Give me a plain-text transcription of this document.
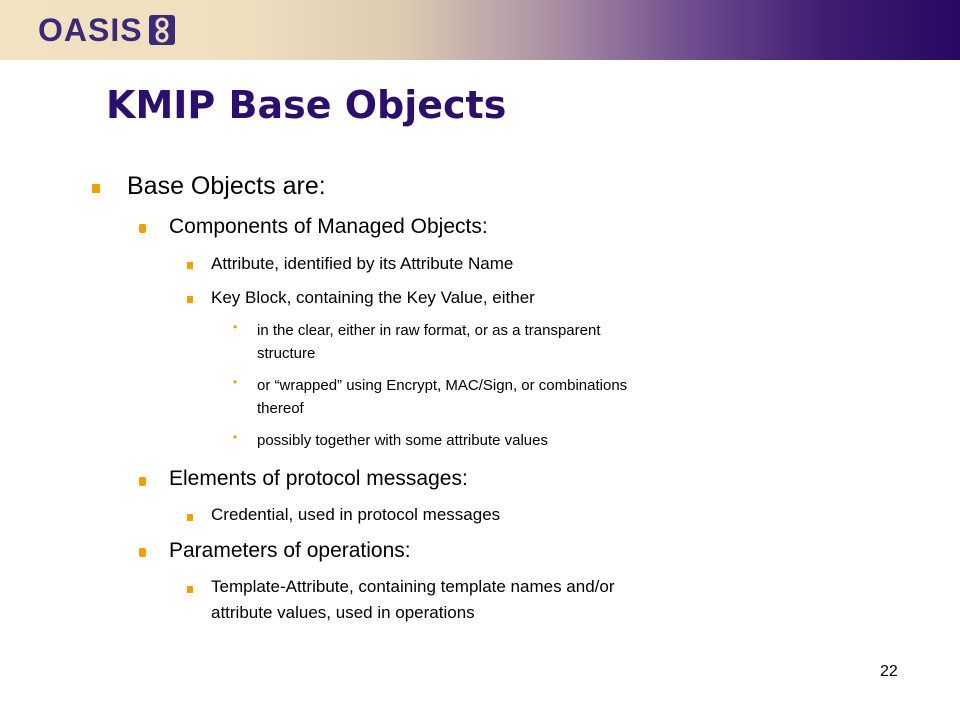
OASIS
KMIP Base Objects
Base Objects are:
Components of Managed Objects:
Attribute, identified by its Attribute Name
Key Block, containing the Key Value, either
• in the clear, either in raw format, or as a transparent
structure
• or “wrapped” using Encrypt, MAC/Sign, or combinations
thereof
• possibly together with some attribute values
Elements of protocol messages:
Credential, used in protocol messages
Parameters of operations:
Template-Attribute, containing template names and/or
attribute values, used in operations
22
